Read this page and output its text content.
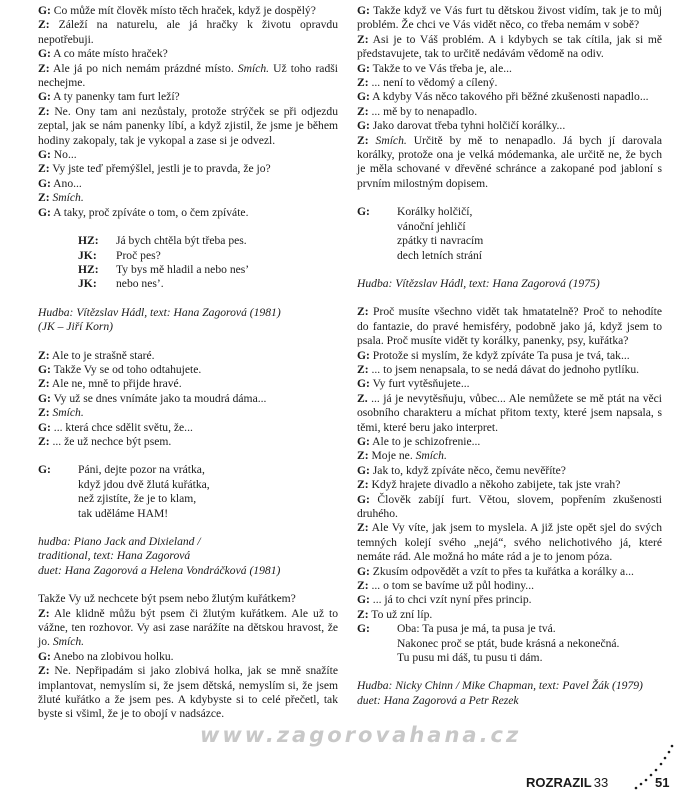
G: Co může mít člověk místo těch hraček, když je dospělý?

Z: Záleží na naturelu, ale já hračky k životu opravdu nepotřebuji.

G: A co máte místo hraček?

Z: Ale já po nich nemám prázdné místo. Smích. Už toho radši nechejme.

G: A ty panenky tam furt leží?

Z: Ne. Ony tam ani nezůstaly, protože strýček se při odjezdu zeptal, jak se nám panenky líbí, a když zjistil, že jsme je během hodiny zakopaly, tak je vykopal a zase si je odvezl.

G: No...

Z: Vy jste teď přemýšlel, jestli je to pravda, že jo?

G: Ano...

Z: Smích.

G: A taky, proč zpíváte o tom, o čem zpíváte.

HZ:	Já bych chtěla být třeba pes.
JK:	Proč pes?
HZ:	Ty bys mě hladil a nebo nes’
JK:	nebo nes’.

Hudba: Vítězslav Hádl, text: Hana Zagorová (1981)

(JK – Jiří Korn)

Z: Ale to je strašně staré.

G: Takže Vy se od toho odtahujete.

Z: Ale ne, mně to přijde hravé.

G: Vy už se dnes vnímáte jako ta moudrá dáma...

Z: Smích.

G: ... která chce sdělit světu, že...

Z: ... že už nechce být psem.

G:	Páni, dejte pozor na vrátka,
když jdou dvě žlutá kuřátka,
než zjistíte, že je to klam,
tak uděláme HAM!

hudba: Piano Jack and Dixieland /

traditional, text: Hana Zagorová

duet: Hana Zagorová a Helena Vondráčková (1981)

Takže Vy už nechcete být psem nebo žlutým kuřátkem?

Z: Ale klidně můžu být psem či žlutým kuřátkem. Ale už to vážne, ten rozhovor. Vy asi zase narážíte na dětskou hravost, že jo. Smích.

G: Anebo na zlobivou holku.

Z: Ne. Nepřipadám si jako zlobivá holka, jak se mně snažíte implantovat, nemyslím si, že jsem dětská, nemyslím si, že jsem žluté kuřátko a že jsem pes. A kdybyste si to celé přečetl, tak byste si všiml, že je to obojí v nadsázce.

G: Takže když ve Vás furt tu dětskou živost vidím, tak je to můj problém. Že chci ve Vás vidět něco, co třeba nemám v sobě?

Z: Asi je to Váš problém. A i kdybych se tak cítila, jak si mě představujete, tak to určitě nedávám vědomě na odiv.

G: Takže to ve Vás třeba je, ale...

Z: ... není to vědomý a cílený.

G: A kdyby Vás něco takového při běžné zkušenosti napadlo...

Z: ... mě by to nenapadlo.

G: Jako darovat třeba tyhni holčičí korálky...

Z: Smích. Určitě by mě to nenapadlo. Já bych jí darovala korálky, protože ona je velká módemanka, ale určitě ne, že bych je měla schované v dřevěné schránce a zakopané pod jabloní s prvním milostným dopisem.

G:	Korálky holčičí,
vánoční jehličí
zpátky ti navracím
dech letních strání

Hudba: Vítězslav Hádl, text: Hana Zagorová (1975)

Z: Proč musíte všechno vidět tak hmatatelně? Proč to nehodíte do fantazie, do pravé hemisféry, podobně jako já, když jsem to psala. Proč musíte vidět ty korálky, panenky, psy, kuřátka?

G: Protože si myslím, že když zpíváte Ta pusa je tvá, tak...

Z: ... to jsem nenapsala, to se nedá dávat do jednoho pytlíku.

G: Vy furt vytěsňujete...

Z. ... já je nevytěsňuju, vůbec... Ale nemůžete se mě ptát na věci osobního charakteru a míchat přitom texty, které jsem napsala, s těmi, které beru jako interpret.

G: Ale to je schizofrenie...

Z: Moje ne. Smích.

G: Jak to, když zpíváte něco, čemu nevěříte?

Z: Když hrajete divadlo a někoho zabijete, tak jste vrah?

G: Člověk zabíjí furt. Větou, slovem, popřením zkušenosti druhého.

Z: Ale Vy víte, jak jsem to myslela. A již jste opět sjel do svých temných kolejí svého „nejá“, svého nelichotivého já, které nemáte rád. Ale možná ho máte rád a je to jenom póza.

G: Zkusím odpovědět a vzít to přes ta kuřátka a korálky a...

Z: ... o tom se bavíme už půl hodiny...

G: ... já to chci vzít nyní přes princip.

Z: To už zní líp.

G:	Oba: Ta pusa je má, ta pusa je tvá.
Nakonec proč se ptát, bude krásná a nekonečná.
Tu pusu mi dáš, tu pusu ti dám.

Hudba: Nicky Chinn / Mike Chapman, text: Pavel Žák (1979)

duet: Hana Zagorová a Petr Rezek

www.zagorovahana.cz
ROZRAZIL 33	51
